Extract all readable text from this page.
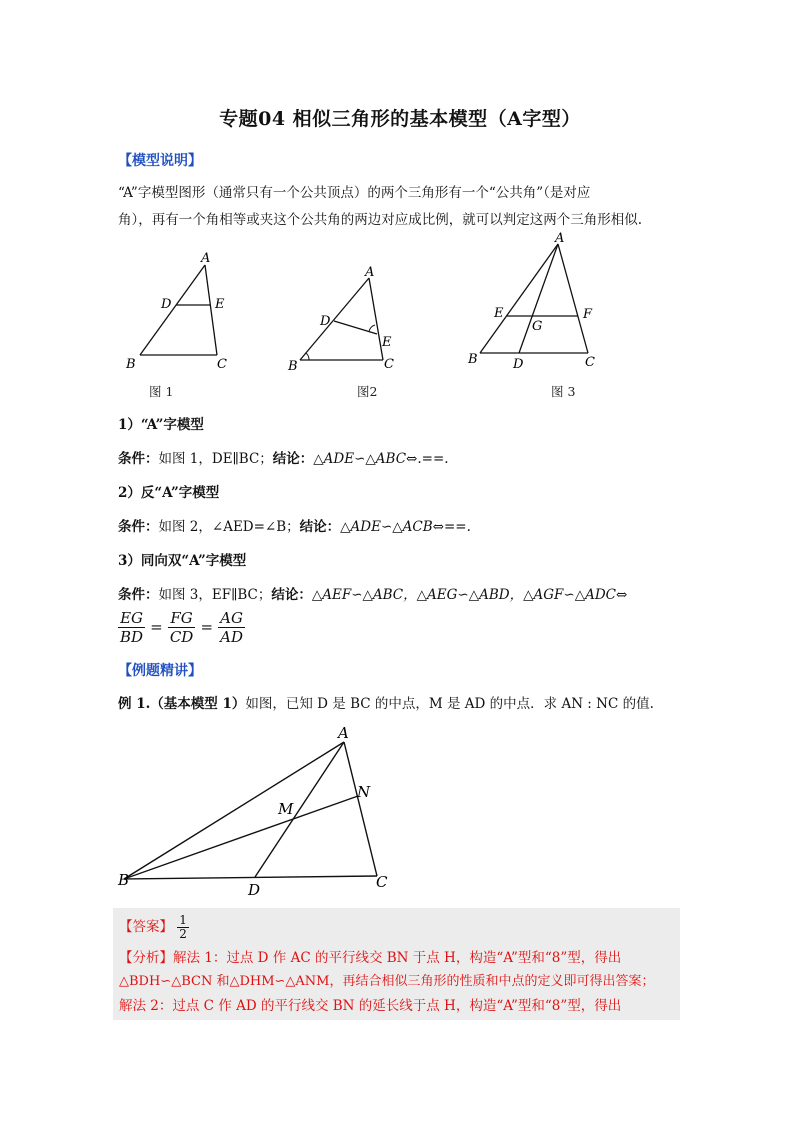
专题04 相似三角形的基本模型（A字型）
【模型说明】
“A”字模型图形（通常只有一个公共顶点）的两个三角形有一个“公共角”（是对应
角），再有一个角相等或夹这个公共角的两边对应成比例，就可以判定这两个三角形相似.
A
D	E
B	C
图 1
A
D
E
B	C
图2
A
E	F
G
B	D	C
图 3
1）“A”字模型
条件：如图 1，DE∥BC；结论：△ADE∽△ABC⇔.==.
2）反“A”字模型
条件：如图 2，∠AED=∠B；结论：△ADE∽△ACB⇔==.
3）同向双“A”字模型
条件：如图 3，EF∥BC；结论：△AEF∽△ABC，△AEG∽△ABD，△AGF∽△ADC⇔
$\frac{EG}{BD} = \frac{FG}{CD} = \frac{AG}{AD}$
【例题精讲】
例 1.（基本模型 1）如图，已知 D 是 BC 的中点，M 是 AD 的中点．求 AN : NC 的值.
A
M
N
B
D	C
【答案】 $\frac{1}{2}$
【分析】解法 1：过点 D 作 AC 的平行线交 BN 于点 H，构造“A”型和“8”型，得出
△BDH∽△BCN 和△DHM∽△ANM，再结合相似三角形的性质和中点的定义即可得出答案；
解法 2：过点 C 作 AD 的平行线交 BN 的延长线于点 H，构造“A”型和“8”型，得出
